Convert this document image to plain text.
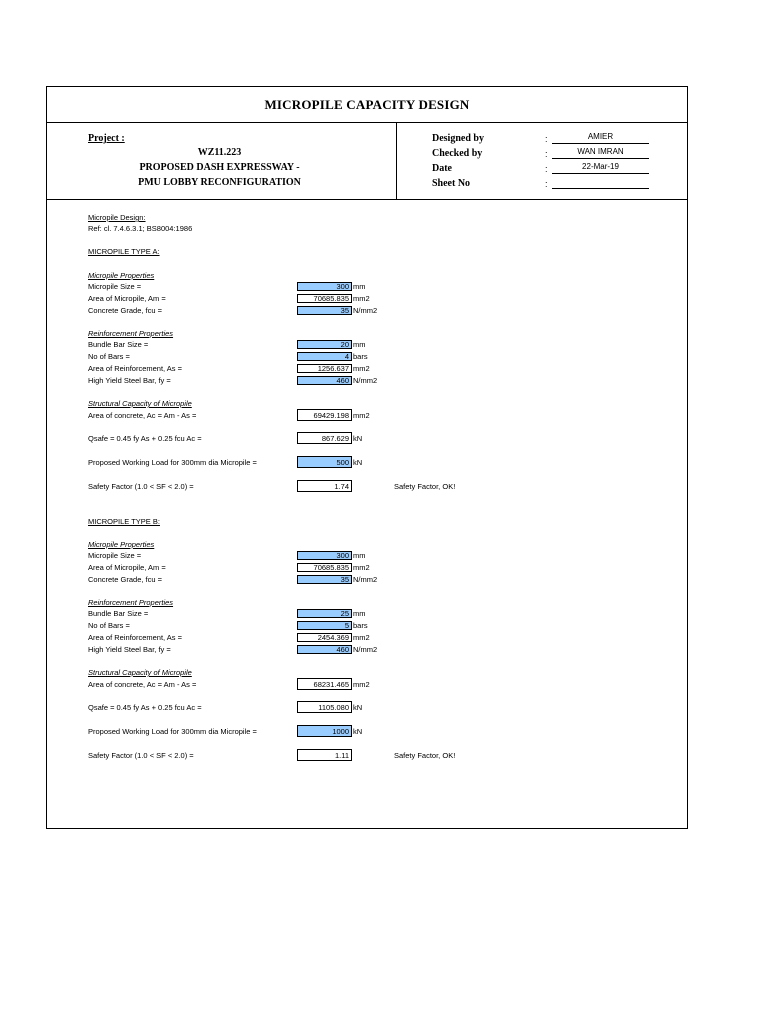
MICROPILE CAPACITY DESIGN
Project :
WZ11.223
PROPOSED DASH EXPRESSWAY -
PMU LOBBY RECONFIGURATION
Designed by	:	AMIER
Checked by	:	WAN IMRAN
Date	:	22-Mar-19
Sheet No	:
Micropile Design:
Ref: cl. 7.4.6.3.1; BS8004:1986
MICROPILE TYPE A:
Micropile Properties
Micropile Size =	300 mm
Area of Micropile, Am =	70685.835 mm2
Concrete Grade, fcu =	35 N/mm2
Reinforcement Properties
Bundle Bar Size =	20 mm
No of Bars =	4 bars
Area of Reinforcement, As =	1256.637 mm2
High Yield Steel Bar, fy =	460 N/mm2
Structural Capacity of Micropile
Area of concrete, Ac = Am - As =	69429.198 mm2
Qsafe = 0.45 fy As + 0.25 fcu Ac =	867.629 kN
Proposed Working Load for 300mm dia Micropile =	500 kN
Safety Factor (1.0 < SF < 2.0) =	1.74	Safety Factor, OK!
MICROPILE TYPE B:
Micropile Properties
Micropile Size =	300 mm
Area of Micropile, Am =	70685.835 mm2
Concrete Grade, fcu =	35 N/mm2
Reinforcement Properties
Bundle Bar Size =	25 mm
No of Bars =	5 bars
Area of Reinforcement, As =	2454.369 mm2
High Yield Steel Bar, fy =	460 N/mm2
Structural Capacity of Micropile
Area of concrete, Ac = Am - As =	68231.465 mm2
Qsafe = 0.45 fy As + 0.25 fcu Ac =	1105.080 kN
Proposed Working Load for 300mm dia Micropile =	1000 kN
Safety Factor (1.0 < SF < 2.0) =	1.11	Safety Factor, OK!
